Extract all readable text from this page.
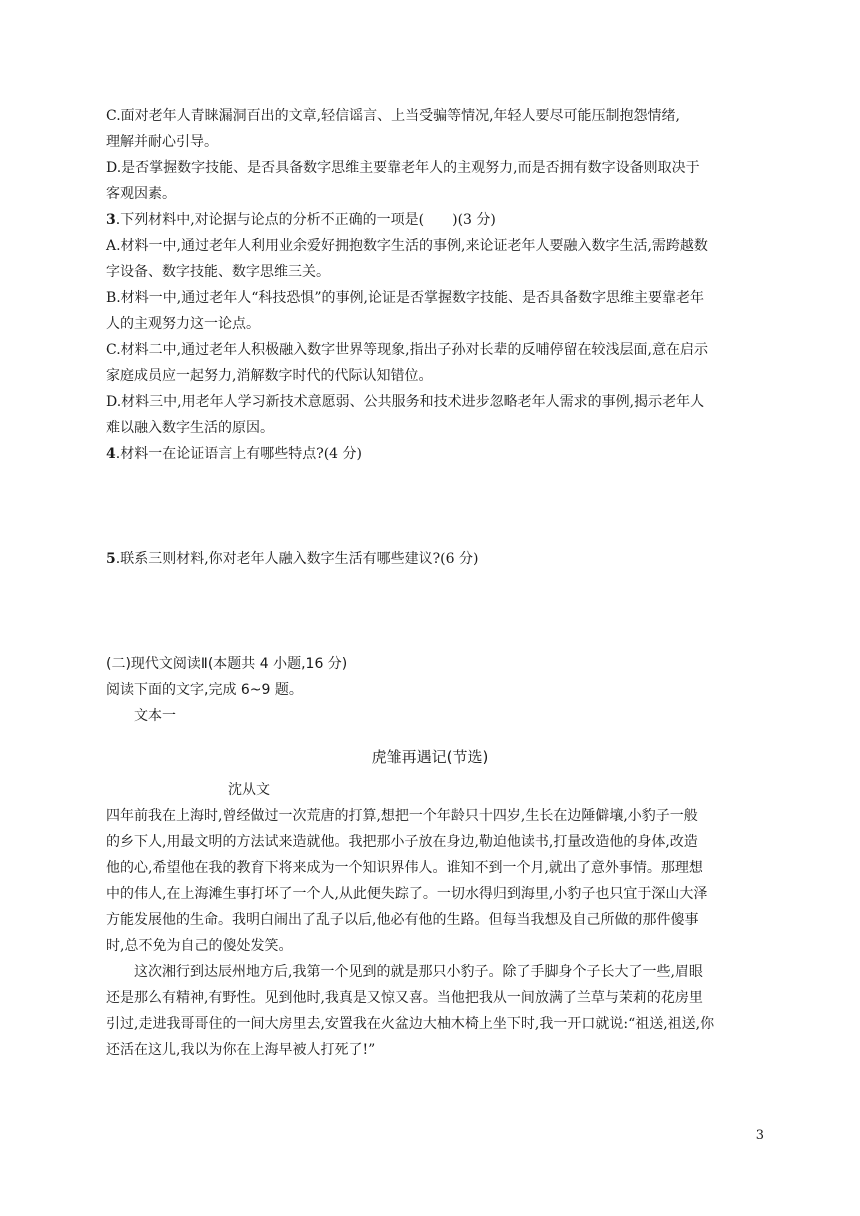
C.面对老年人青睐漏洞百出的文章,轻信谣言、上当受骗等情况,年轻人要尽可能压制抱怨情绪,
理解并耐心引导。
D.是否掌握数字技能、是否具备数字思维主要靠老年人的主观努力,而是否拥有数字设备则取决于
客观因素。
3.下列材料中,对论据与论点的分析不正确的一项是(　　)(3 分)
A.材料一中,通过老年人利用业余爱好拥抱数字生活的事例,来论证老年人要融入数字生活,需跨越数
字设备、数字技能、数字思维三关。
B.材料一中,通过老年人“科技恐惧”的事例,论证是否掌握数字技能、是否具备数字思维主要靠老年
人的主观努力这一论点。
C.材料二中,通过老年人积极融入数字世界等现象,指出子孙对长辈的反哺停留在较浅层面,意在启示
家庭成员应一起努力,消解数字时代的代际认知错位。
D.材料三中,用老年人学习新技术意愿弱、公共服务和技术进步忽略老年人需求的事例,揭示老年人
难以融入数字生活的原因。
4.材料一在论证语言上有哪些特点?(4 分)
5.联系三则材料,你对老年人融入数字生活有哪些建议?(6 分)
(二)现代文阅读Ⅱ(本题共 4 小题,16 分)
阅读下面的文字,完成 6~9 题。
文本一
虎雏再遇记(节选)
沈从文
四年前我在上海时,曾经做过一次荒唐的打算,想把一个年龄只十四岁,生长在边陲僻壤,小豹子一般
的乡下人,用最文明的方法试来造就他。我把那小子放在身边,勒迫他读书,打量改造他的身体,改造
他的心,希望他在我的教育下将来成为一个知识界伟人。谁知不到一个月,就出了意外事情。那理想
中的伟人,在上海滩生事打坏了一个人,从此便失踪了。一切水得归到海里,小豹子也只宜于深山大泽
方能发展他的生命。我明白闹出了乱子以后,他必有他的生路。但每当我想及自己所做的那件傻事
时,总不免为自己的傻处发笑。
这次湘行到达辰州地方后,我第一个见到的就是那只小豹子。除了手脚身个子长大了一些,眉眼
还是那么有精神,有野性。见到他时,我真是又惊又喜。当他把我从一间放满了兰草与茉莉的花房里
引过,走进我哥哥住的一间大房里去,安置我在火盆边大柚木椅上坐下时,我一开口就说:“祖送,祖送,你
还活在这儿,我以为你在上海早被人打死了!”
3
